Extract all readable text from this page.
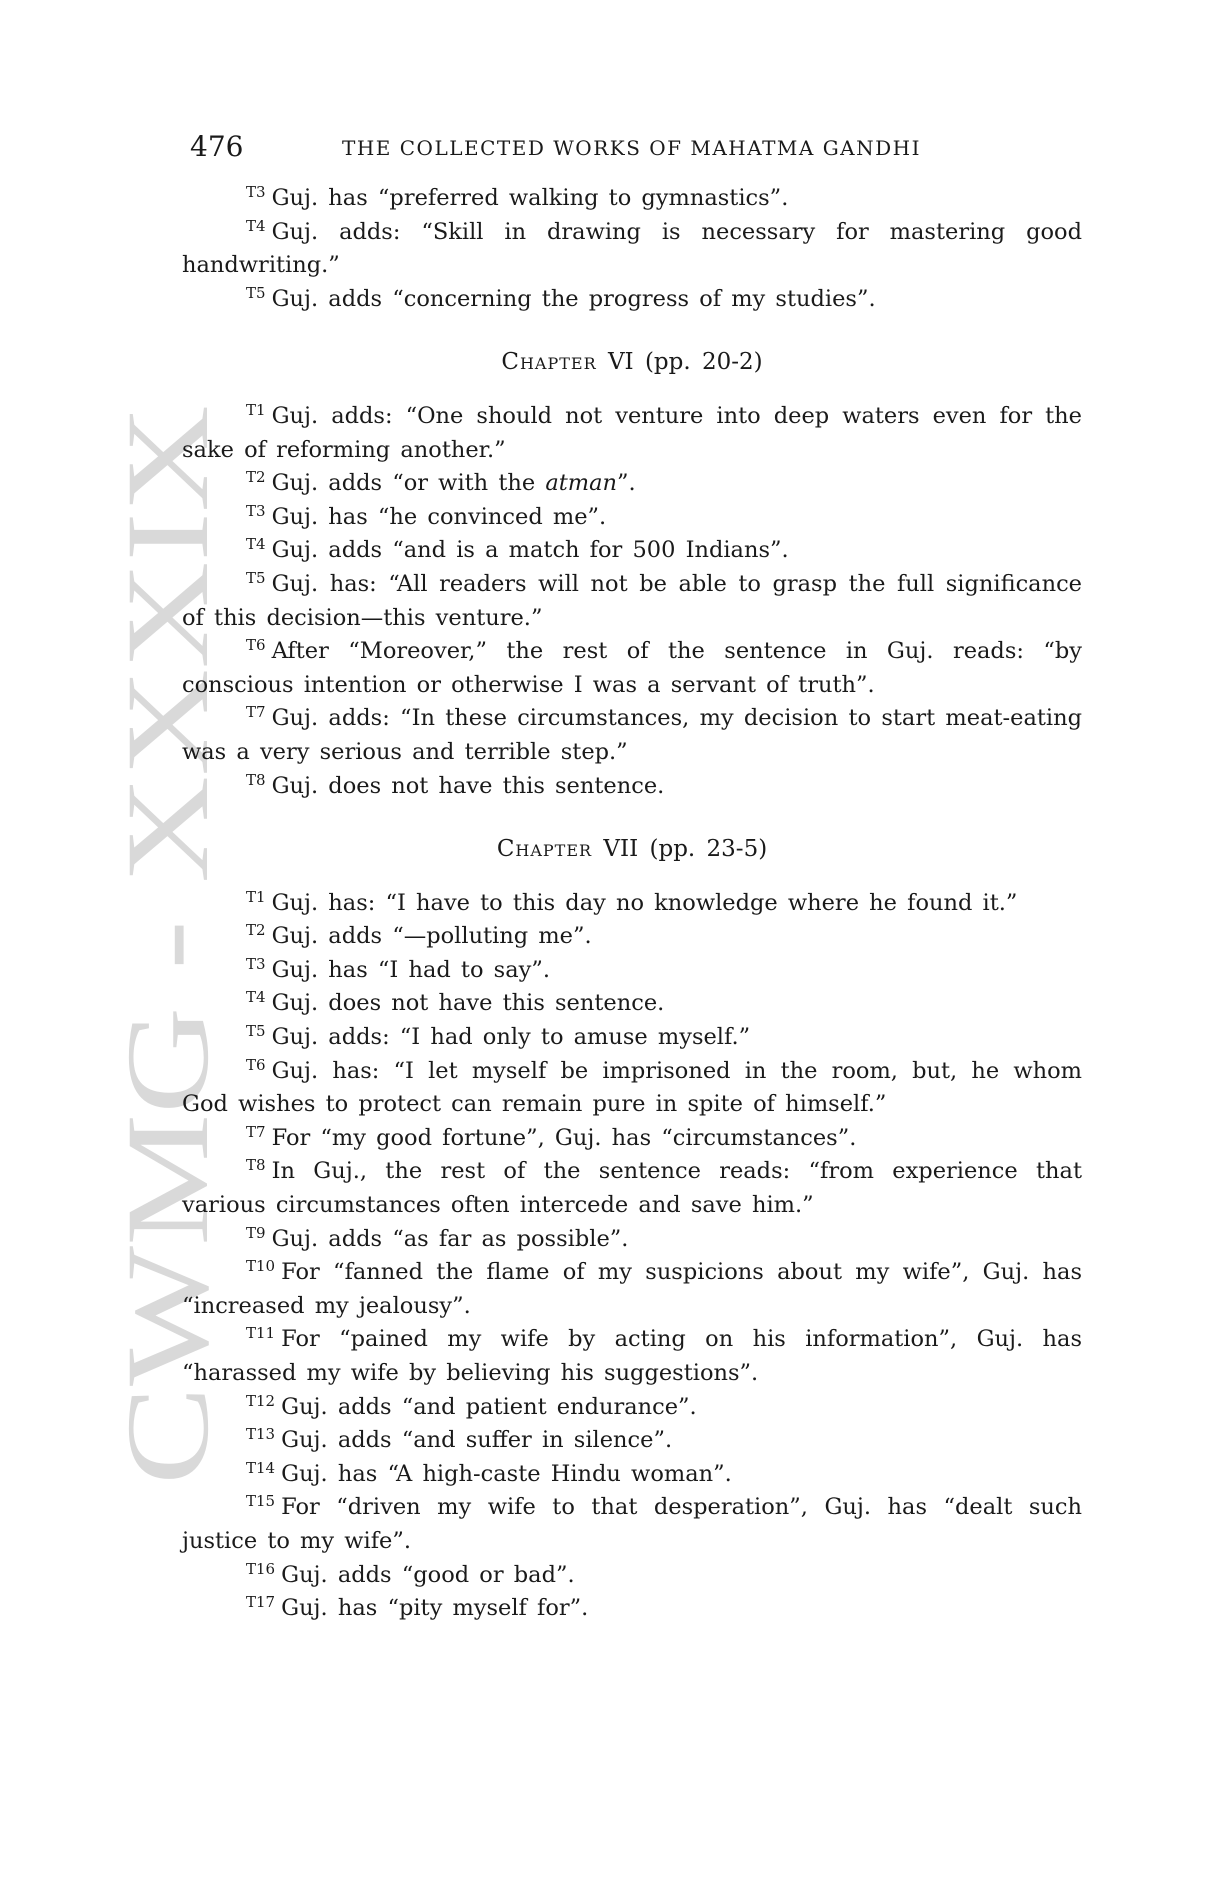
CWMG - XXXIX
476	THE COLLECTED WORKS OF MAHATMA GANDHI

$^{T3}$ Guj. has “preferred walking to gymnastics”.

$^{T4}$ Guj. adds: “Skill in drawing is necessary for mastering good handwriting.”

$^{T5}$ Guj. adds “concerning the progress of my studies”.

Chapter VI (pp. 20-2)

$^{T1}$ Guj. adds: “One should not venture into deep waters even for the sake of reforming another.”

$^{T2}$ Guj. adds “or with the atman”.

$^{T3}$ Guj. has “he convinced me”.

$^{T4}$ Guj. adds “and is a match for 500 Indians”.

$^{T5}$ Guj. has: “All readers will not be able to grasp the full significance of this decision—this venture.”

$^{T6}$ After “Moreover,” the rest of the sentence in Guj. reads: “by conscious intention or otherwise I was a servant of truth”.

$^{T7}$ Guj. adds: “In these circumstances, my decision to start meat-eating was a very serious and terrible step.”

$^{T8}$ Guj. does not have this sentence.

Chapter VII (pp. 23-5)

$^{T1}$ Guj. has: “I have to this day no knowledge where he found it.”

$^{T2}$ Guj. adds “—polluting me”.

$^{T3}$ Guj. has “I had to say”.

$^{T4}$ Guj. does not have this sentence.

$^{T5}$ Guj. adds: “I had only to amuse myself.”

$^{T6}$ Guj. has: “I let myself be imprisoned in the room, but, he whom God wishes to protect can remain pure in spite of himself.”

$^{T7}$ For “my good fortune”, Guj. has “circumstances”.

$^{T8}$ In Guj., the rest of the sentence reads: “from experience that various circumstances often intercede and save him.”

$^{T9}$ Guj. adds “as far as possible”.

$^{T10}$ For “fanned the flame of my suspicions about my wife”, Guj. has “increased my jealousy”.

$^{T11}$ For “pained my wife by acting on his information”, Guj. has “harassed my wife by believing his suggestions”.

$^{T12}$ Guj. adds “and patient endurance”.

$^{T13}$ Guj. adds “and suffer in silence”.

$^{T14}$ Guj. has “A high-caste Hindu woman”.

$^{T15}$ For “driven my wife to that desperation”, Guj. has “dealt such justice to my wife”.

$^{T16}$ Guj. adds “good or bad”.

$^{T17}$ Guj. has “pity myself for”.
